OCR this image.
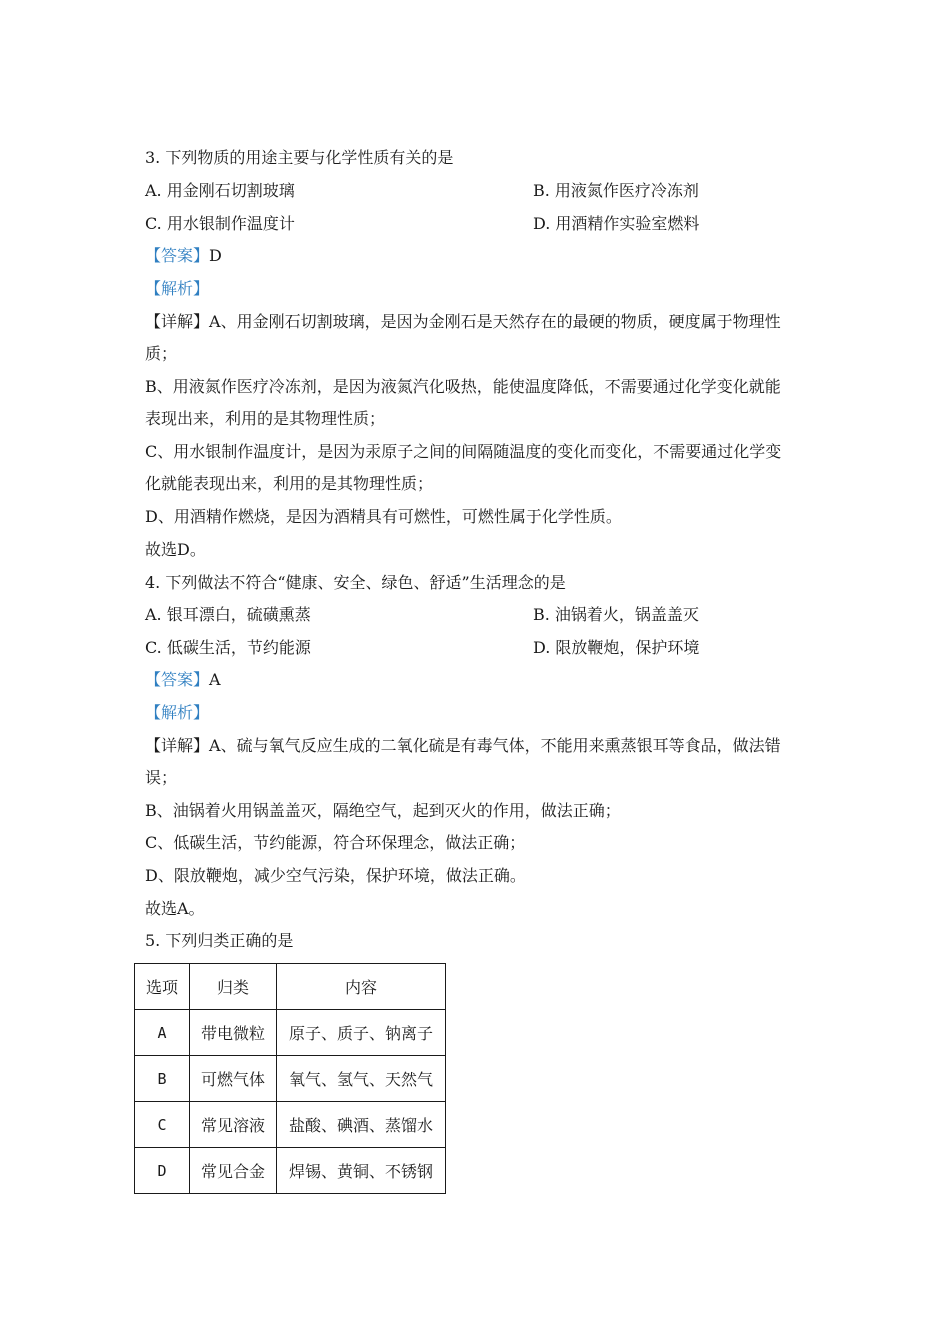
3. 下列物质的用途主要与化学性质有关的是
A. 用金刚石切割玻璃	B. 用液氮作医疗冷冻剂
C. 用水银制作温度计	D. 用酒精作实验室燃料
【答案】D
【解析】
【详解】A、用金刚石切割玻璃，是因为金刚石是天然存在的最硬的物质，硬度属于物理性
质；
B、用液氮作医疗冷冻剂，是因为液氮汽化吸热，能使温度降低，不需要通过化学变化就能
表现出来，利用的是其物理性质；
C、用水银制作温度计，是因为汞原子之间的间隔随温度的变化而变化，不需要通过化学变
化就能表现出来，利用的是其物理性质；
D、用酒精作燃烧，是因为酒精具有可燃性，可燃性属于化学性质。
故选D。
4. 下列做法不符合“健康、安全、绿色、舒适”生活理念的是
A. 银耳漂白，硫磺熏蒸	B. 油锅着火，锅盖盖灭
C. 低碳生活，节约能源	D. 限放鞭炮，保护环境
【答案】A
【解析】
【详解】A、硫与氧气反应生成的二氧化硫是有毒气体，不能用来熏蒸银耳等食品，做法错
误；
B、油锅着火用锅盖盖灭，隔绝空气，起到灭火的作用，做法正确；
C、低碳生活，节约能源，符合环保理念，做法正确；
D、限放鞭炮，减少空气污染，保护环境，做法正确。
故选A。
5. 下列归类正确的是
选项	归类	内容
A	带电微粒	原子、质子、钠离子
B	可燃气体	氧气、氢气、天然气
C	常见溶液	盐酸、碘酒、蒸馏水
D	常见合金	焊锡、黄铜、不锈钢
